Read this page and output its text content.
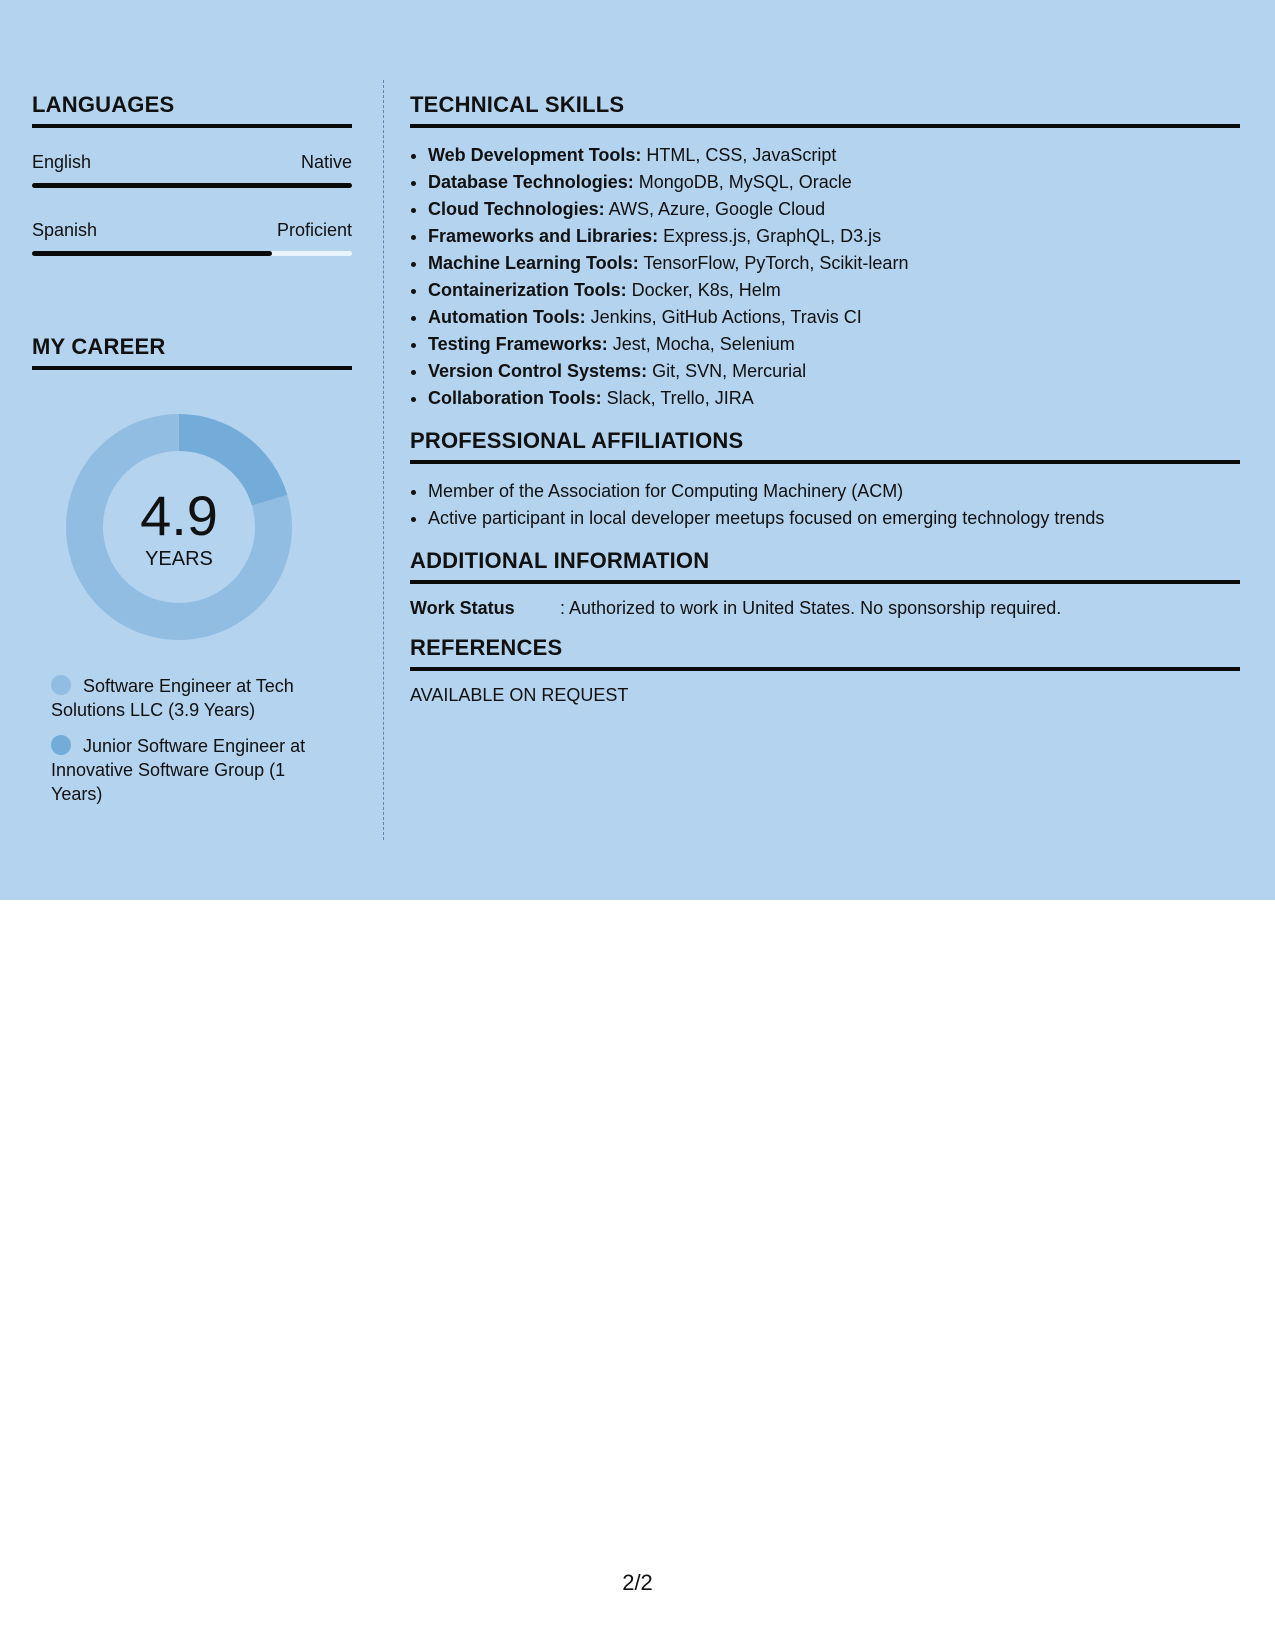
LANGUAGES
English	Native
Spanish	Proficient
MY CAREER
4.9
YEARS
Software Engineer at Tech Solutions LLC (3.9 Years)
Junior Software Engineer at Innovative Software Group (1 Years)
TECHNICAL SKILLS
• Web Development Tools: HTML, CSS, JavaScript
• Database Technologies: MongoDB, MySQL, Oracle
• Cloud Technologies: AWS, Azure, Google Cloud
• Frameworks and Libraries: Express.js, GraphQL, D3.js
• Machine Learning Tools: TensorFlow, PyTorch, Scikit-learn
• Containerization Tools: Docker, K8s, Helm
• Automation Tools: Jenkins, GitHub Actions, Travis CI
• Testing Frameworks: Jest, Mocha, Selenium
• Version Control Systems: Git, SVN, Mercurial
• Collaboration Tools: Slack, Trello, JIRA
PROFESSIONAL AFFILIATIONS
• Member of the Association for Computing Machinery (ACM)
• Active participant in local developer meetups focused on emerging technology trends
ADDITIONAL INFORMATION
Work Status	: Authorized to work in United States. No sponsorship required.
REFERENCES
AVAILABLE ON REQUEST
2/2
